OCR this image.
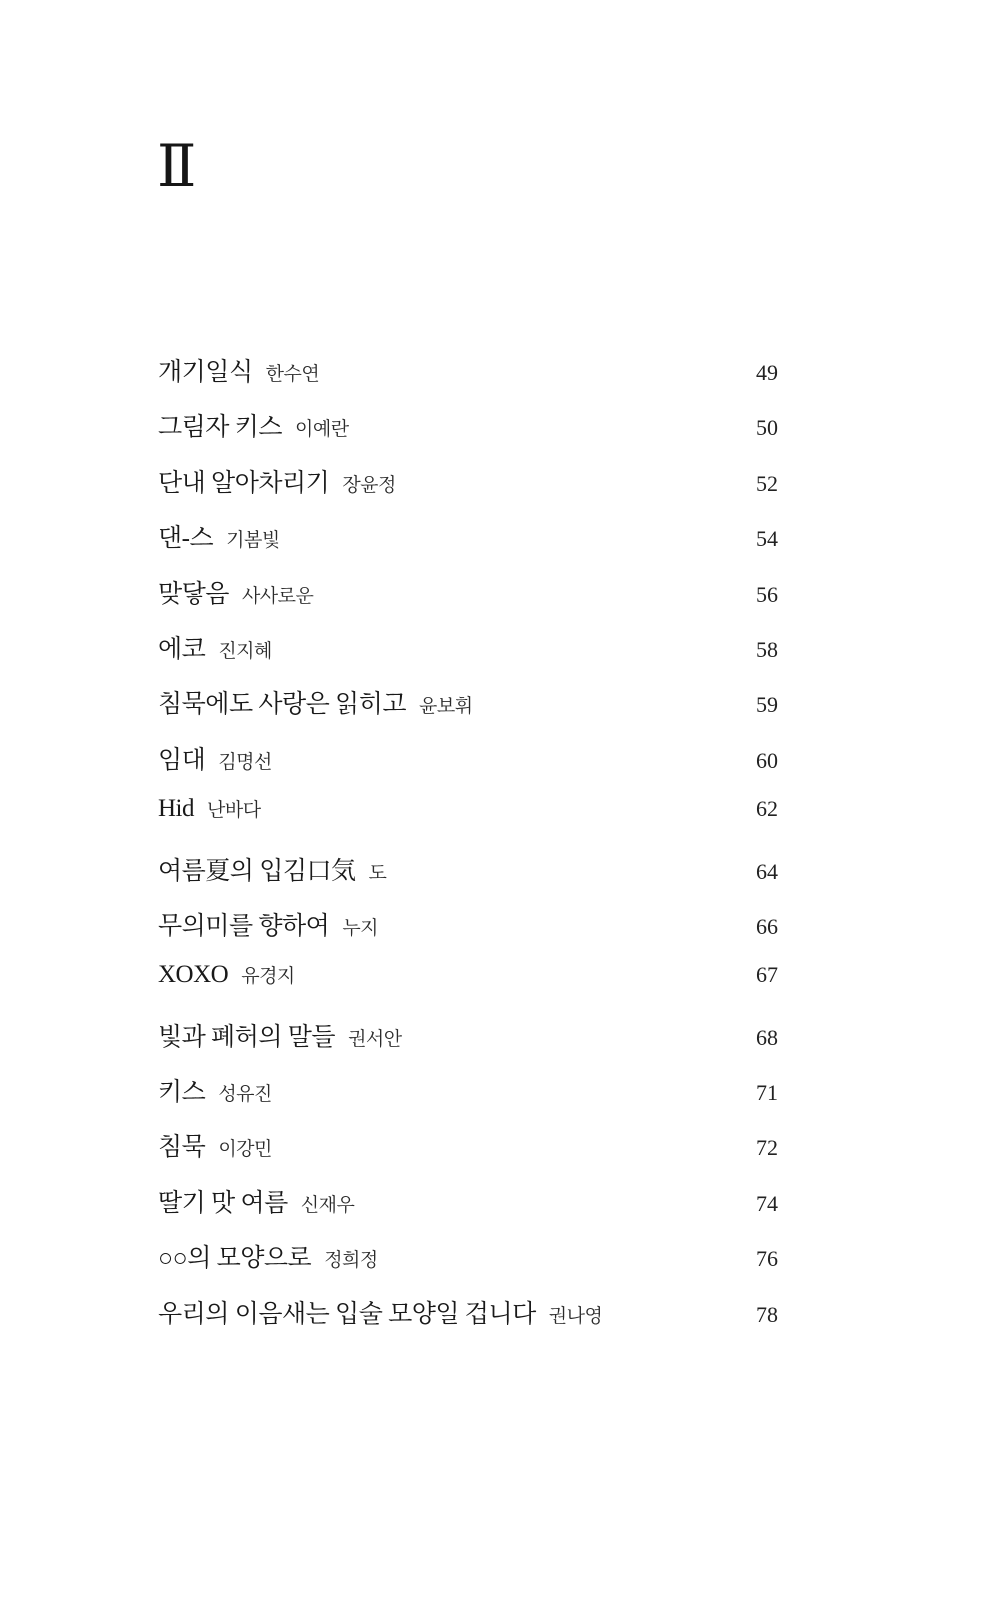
Ⅱ
개기일식 한수연	49
그림자 키스 이예란	50
단내 알아차리기 장윤정	52
댄-스 기봄빛	54
맞닿음 사사로운	56
에코 진지혜	58
침묵에도 사랑은 읽히고 윤보휘	59
임대 김명선	60
Hid 난바다	62
여름夏의 입김口気 도	64
무의미를 향하여 누지	66
XOXO 유경지	67
빛과 폐허의 말들 권서안	68
키스 성유진	71
침묵 이강민	72
딸기 맛 여름 신재우	74
○○의 모양으로 정희정	76
우리의 이음새는 입술 모양일 겁니다 권나영	78
